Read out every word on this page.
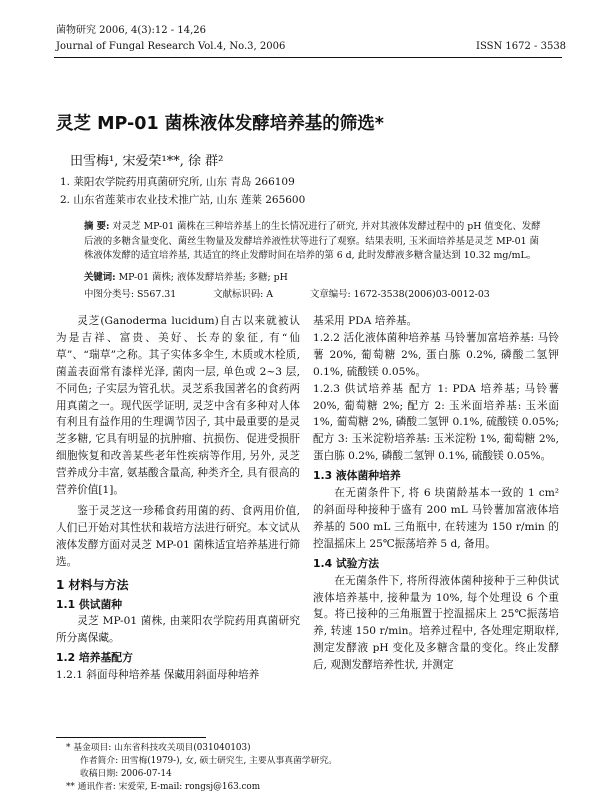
菌物研究 2006, 4(3):12 - 14,26
Journal of Fungal Research Vol.4, No.3, 2006	ISSN 1672 - 3538
灵芝 MP-01 菌株液体发酵培养基的筛选*
田雪梅¹, 宋爱荣¹**, 徐 群²
1. 莱阳农学院药用真菌研究所, 山东 青岛 266109
2. 山东省莲莱市农业技术推广站, 山东 莲莱 265600
摘 要: 对灵芝 MP-01 菌株在三种培养基上的生长情况进行了研究, 并对其液体发酵过程中的 pH 值变化、发酵后液的多糖含量变化、菌丝生物量及发酵培养液性状等进行了观察。结果表明, 玉米面培养基是灵芝 MP-01 菌株液体发酵的适宜培养基, 其适宜的终止发酵时间在培养的第 6 d, 此时发酵液多糖含量达到 10.32 mg/mL。
关键词: MP-01 菌株; 液体发酵培养基; 多糖; pH
中图分类号: S567.31	文献标识码: A	文章编号: 1672-3538(2006)03-0012-03

灵芝(Ganoderma lucidum)自古以来就被认为是吉祥、富贵、美好、长寿的象征, 有“仙草”、“瑞草”之称。其子实体多伞生, 木质或木栓质, 菌盖表面常有漆样光泽, 菌肉一层, 单色或 2~3 层, 不同色; 子实层为管孔状。灵芝系我国著名的食药两用真菌之一。现代医学证明, 灵芝中含有多种对人体有利且有益作用的生理调节因子, 其中最重要的是灵芝多糖, 它具有明显的抗肿瘤、抗损伤、促进受损肝细胞恢复和改善某些老年性疾病等作用, 另外, 灵芝营养成分丰富, 氨基酸含量高, 种类齐全, 具有很高的营养价值[1]。

鉴于灵芝这一珍稀食药用菌的药、食两用价值, 人们已开始对其性状和栽培方法进行研究。本文试从液体发酵方面对灵芝 MP-01 菌株适宜培养基进行筛选。

1 材料与方法
1.1 供试菌种

灵芝 MP-01 菌株, 由莱阳农学院药用真菌研究所分离保藏。

1.2 培养基配方

1.2.1 斜面母种培养基 保藏用斜面母种培养

基采用 PDA 培养基。

1.2.2 活化液体菌种培养基 马铃薯加富培养基: 马铃薯 20%, 葡萄糖 2%, 蛋白胨 0.2%, 磷酸二氢钾 0.1%, 硫酸镁 0.05%。

1.2.3 供试培养基 配方 1: PDA 培养基; 马铃薯 20%, 葡萄糖 2%; 配方 2: 玉米面培养基: 玉米面 1%, 葡萄糖 2%, 磷酸二氢钾 0.1%, 硫酸镁 0.05%; 配方 3: 玉米淀粉培养基: 玉米淀粉 1%, 葡萄糖 2%, 蛋白胨 0.2%, 磷酸二氢钾 0.1%, 硫酸镁 0.05%。

1.3 液体菌种培养

在无菌条件下, 将 6 块菌龄基本一致的 1 cm² 的斜面母种接种于盛有 200 mL 马铃薯加富液体培养基的 500 mL 三角瓶中, 在转速为 150 r/min 的控温摇床上 25℃振荡培养 5 d, 备用。

1.4 试验方法

在无菌条件下, 将所得液体菌种接种于三种供试液体培养基中, 接种量为 10%, 每个处理设 6 个重复。将已接种的三角瓶置于控温摇床上 25℃振荡培养, 转速 150 r/min。培养过程中, 各处理定期取样, 测定发酵液 pH 变化及多糖含量的变化。终止发酵后, 观测发酵培养性状, 并测定

* 基金项目: 山东省科技攻关项目(031040103)
作者简介: 田雪梅(1979-), 女, 硕士研究生, 主要从事真菌学研究。
收稿日期: 2006-07-14
** 通讯作者: 宋爱荣, E-mail: rongsj@163.com
